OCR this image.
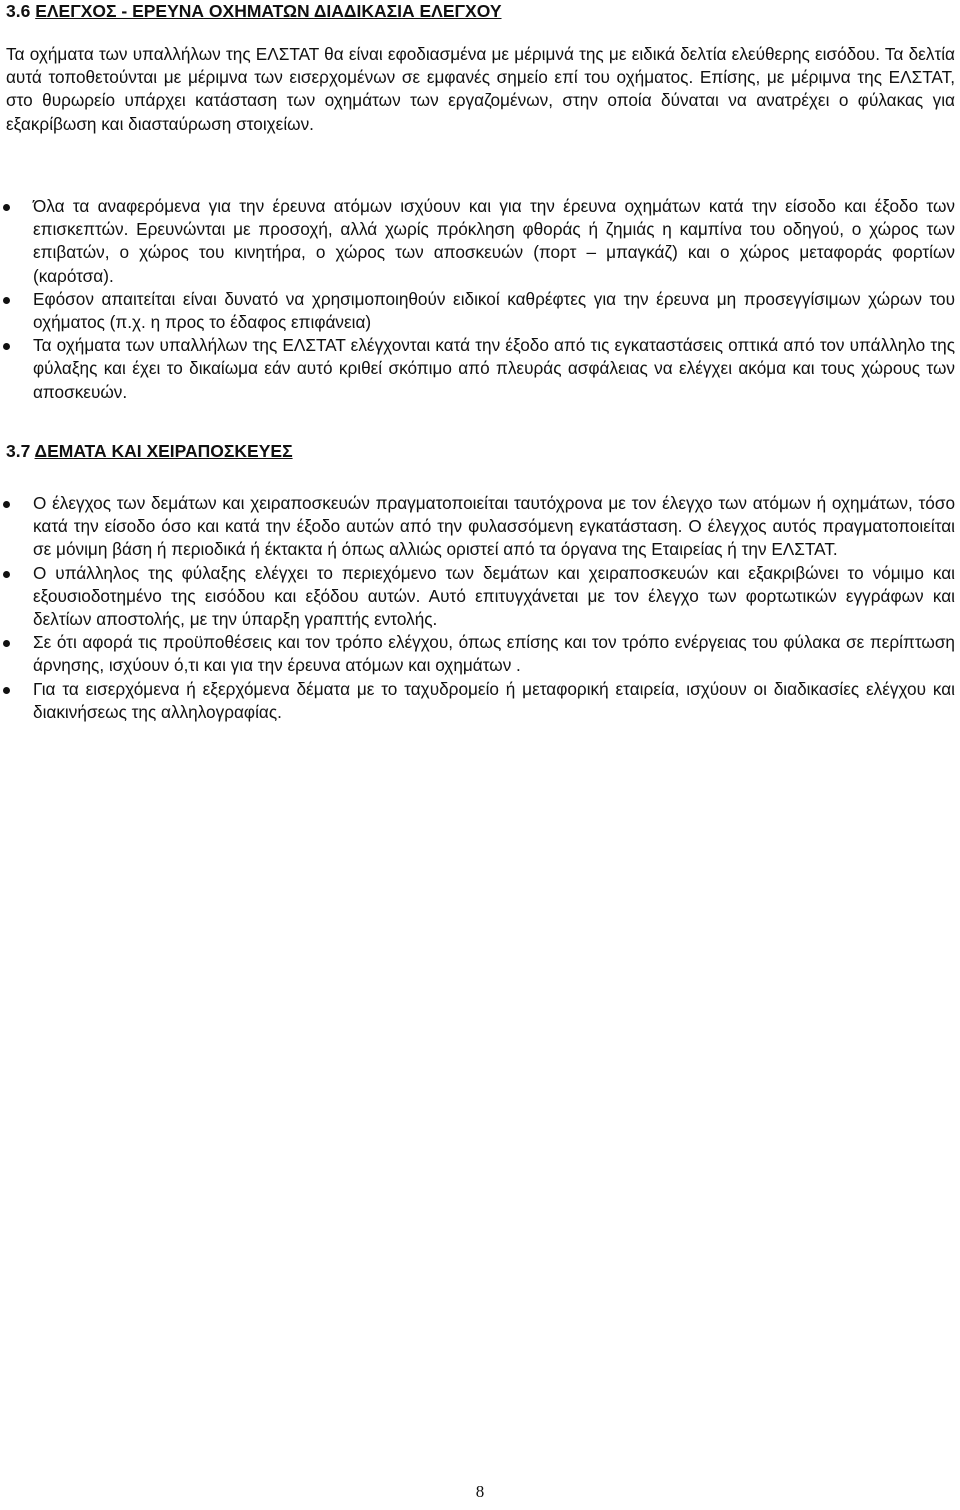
3.6 ΕΛΕΓΧΟΣ - ΕΡΕΥΝΑ ΟΧΗΜΑΤΩΝ ΔΙΑΔΙΚΑΣΙΑ ΕΛΕΓΧΟΥ

Τα οχήματα των υπαλλήλων της ΕΛΣΤΑΤ θα είναι εφοδιασμένα με μέριμνά της με ειδικά δελτία ελεύθερης εισόδου. Τα δελτία αυτά τοποθετούνται με μέριμνα των εισερχομένων σε εμφανές σημείο επί του οχήματος. Επίσης, με μέριμνα της ΕΛΣΤΑΤ, στο θυρωρείο υπάρχει κατάσταση των οχημάτων των εργαζομένων, στην οποία δύναται να ανατρέχει ο φύλακας για εξακρίβωση και διασταύρωση στοιχείων.

Όλα τα αναφερόμενα για την έρευνα ατόμων ισχύουν και για την έρευνα οχημάτων κατά την είσοδο και έξοδο των επισκεπτών. Ερευνώνται με προσοχή, αλλά χωρίς πρόκληση φθοράς ή ζημιάς η καμπίνα του οδηγού, ο χώρος των επιβατών, ο χώρος του κινητήρα, ο χώρος των αποσκευών (πορτ – μπαγκάζ) και ο χώρος μεταφοράς φορτίων (καρότσα).
Εφόσον απαιτείται είναι δυνατό να χρησιμοποιηθούν ειδικοί καθρέφτες για την έρευνα μη προσεγγίσιμων χώρων του οχήματος (π.χ. η προς το έδαφος επιφάνεια)
Τα οχήματα των υπαλλήλων της ΕΛΣΤΑΤ ελέγχονται κατά την έξοδο από τις εγκαταστάσεις οπτικά από τον υπάλληλο της φύλαξης και έχει το δικαίωμα εάν αυτό κριθεί σκόπιμο από πλευράς ασφάλειας να ελέγχει ακόμα και τους χώρους των αποσκευών.
3.7 ΔΕΜΑΤΑ ΚΑΙ ΧΕΙΡΑΠΟΣΚΕΥΕΣ
Ο έλεγχος των δεμάτων και χειραποσκευών πραγματοποιείται ταυτόχρονα με τον έλεγχο των ατόμων ή οχημάτων, τόσο κατά την είσοδο όσο και κατά την έξοδο αυτών από την φυλασσόμενη εγκατάσταση. Ο έλεγχος αυτός πραγματοποιείται σε μόνιμη βάση ή περιοδικά ή έκτακτα ή όπως αλλιώς οριστεί από τα όργανα της Εταιρείας ή την ΕΛΣΤΑΤ.
Ο υπάλληλος της φύλαξης ελέγχει το περιεχόμενο των δεμάτων και χειραποσκευών και εξακριβώνει το νόμιμο και εξουσιοδοτημένο της εισόδου και εξόδου αυτών. Αυτό επιτυγχάνεται με τον έλεγχο των φορτωτικών εγγράφων και δελτίων αποστολής, με την ύπαρξη γραπτής εντολής.
Σε ότι αφορά τις προϋποθέσεις και τον τρόπο ελέγχου, όπως επίσης και τον τρόπο ενέργειας του φύλακα σε περίπτωση άρνησης, ισχύουν ό,τι και για την έρευνα ατόμων και οχημάτων .
Για τα εισερχόμενα ή εξερχόμενα δέματα με το ταχυδρομείο ή μεταφορική εταιρεία, ισχύουν οι διαδικασίες ελέγχου και διακινήσεως της αλληλογραφίας.
8
